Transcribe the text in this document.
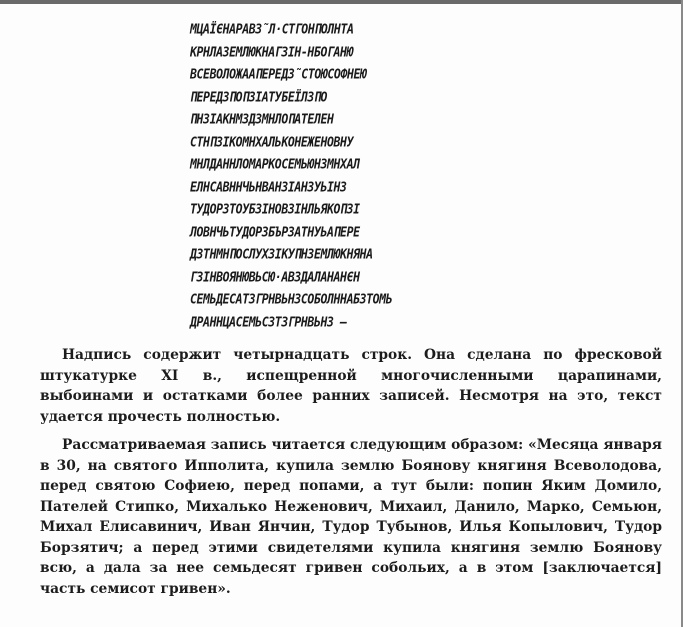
МЦАЇЄНАРАВЗ̃Л·СТГОНПОЛНТА
КРНЛАЗЕМЛЮКНАГЗІН-НБОГАНЮ
ВСЕВОЛОЖААПЕРЕДЗ̃СТОЮСОФНЕЮ
ПЕРЕДЗПОПЗІАТУБЕЇЛЗПО
ПНЗІАКНМЗДЗМНЛОПАТЕЛЕН
СТНПЗІКОМНХАЛЬКОНЕЖЕНОВНУ
МНЛДАННЛОМАРКОСЕМЬЮНЗМНХАЛ
ЕЛНСАВННЧЬНВАНЗІАНЗУЬІНЗ
ТУДОРЗТОУБЗІНОВЗІНЛЬЯКОПЗІ
ЛОВНЧЬТУДОРЗБЪРЗАТНУЬАПЕРЕ
ДЗТНМНПОСЛУХЗІКУПНЗЕМЛЮКНЯНА
ГЗІНВОЯНЮВЬСЮ·АВЗДАЛАНАНЄН
СЕМЬДЕСАТЗГРНВЬНЗСОБОЛННАБЗТОМЬ
ДРАННЦАСЕМЬСЗТЗГРНВЬНЗ —

Надпись содержит четырнадцать строк. Она сделана по фресковой штукатурке XI в., испещренной многочисленными царапинами, выбоинами и остатками более ранних записей. Несмотря на это, текст удается прочесть полностью.

Рассматриваемая запись читается следующим образом: «Месяца января в 30, на святого Ипполита, купила землю Боянову княгиня Всеволодова, перед святою Софиею, перед попами, а тут были: попин Яким Домило, Пателей Стипко, Михалько Неженович, Михаил, Данило, Марко, Семьюн, Михал Елисавинич, Иван Янчин, Тудор Тубынов, Илья Копылович, Тудор Борзятич; а перед этими свидетелями купила княгиня землю Боянову всю, а дала за нее семьдесят гривен собольих, а в этом [заключается] часть семисот гривен».
